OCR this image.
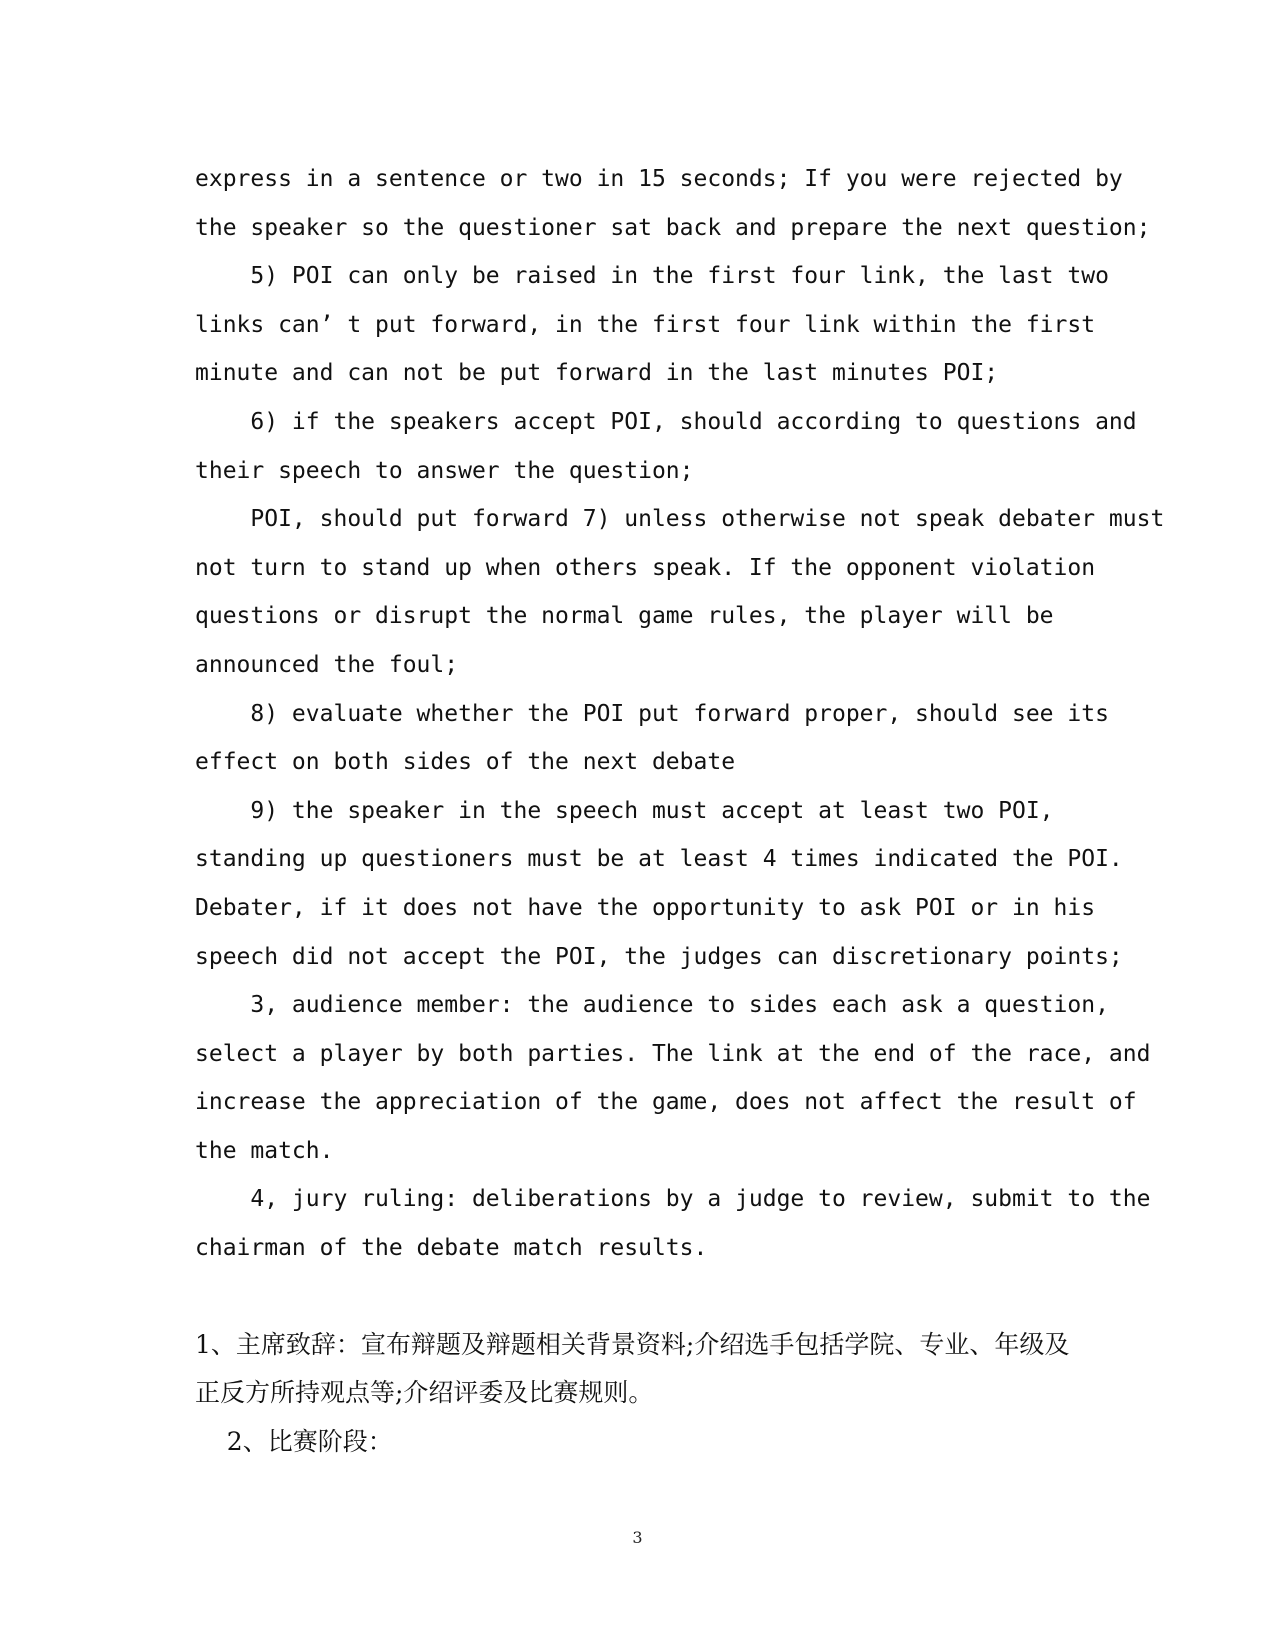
express in a sentence or two in 15 seconds; If you were rejected by
the speaker so the questioner sat back and prepare the next question;
5) POI can only be raised in the first four link, the last two
links can’ t put forward, in the first four link within the first
minute and can not be put forward in the last minutes POI;
6) if the speakers accept POI, should according to questions and
their speech to answer the question;
POI, should put forward 7) unless otherwise not speak debater must
not turn to stand up when others speak. If the opponent violation
questions or disrupt the normal game rules, the player will be
announced the foul;
8) evaluate whether the POI put forward proper, should see its
effect on both sides of the next debate
9) the speaker in the speech must accept at least two POI,
standing up questioners must be at least 4 times indicated the POI.
Debater, if it does not have the opportunity to ask POI or in his
speech did not accept the POI, the judges can discretionary points;
3, audience member: the audience to sides each ask a question,
select a player by both parties. The link at the end of the race, and
increase the appreciation of the game, does not affect the result of
the match.
4, jury ruling: deliberations by a judge to review, submit to the
chairman of the debate match results.
1、主席致辞：宣布辩题及辩题相关背景资料;介绍选手包括学院、专业、年级及
正反方所持观点等;介绍评委及比赛规则。
2、比赛阶段：
3
